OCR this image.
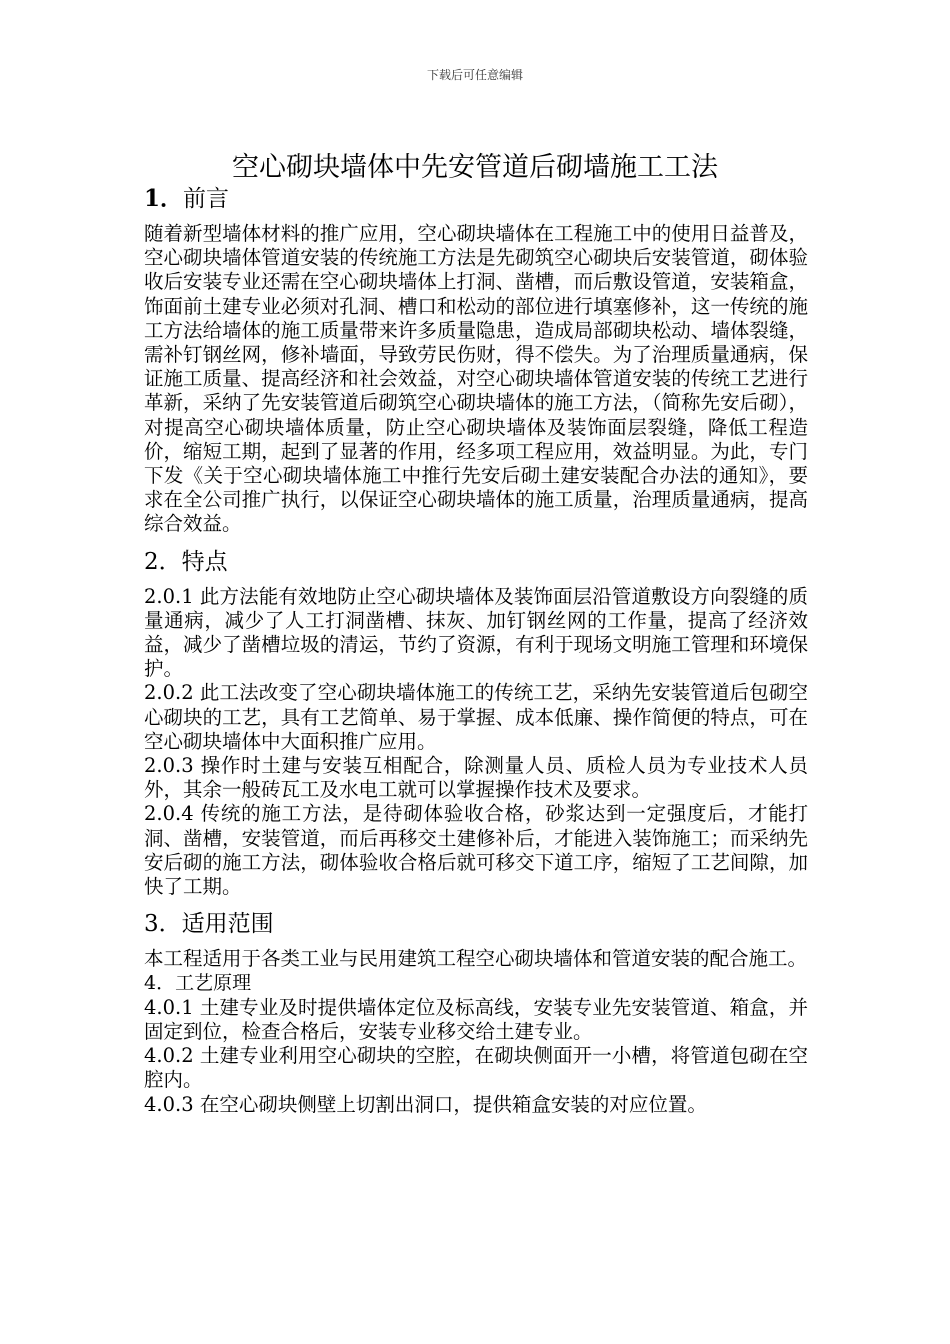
下载后可任意编辑
空心砌块墙体中先安管道后砌墙施工工法
1．前言

随着新型墙体材料的推广应用，空心砌块墙体在工程施工中的使用日益普及，空心砌块墙体管道安装的传统施工方法是先砌筑空心砌块后安装管道，砌体验收后安装专业还需在空心砌块墙体上打洞、凿槽，而后敷设管道，安装箱盒，饰面前土建专业必须对孔洞、槽口和松动的部位进行填塞修补，这一传统的施工方法给墙体的施工质量带来许多质量隐患，造成局部砌块松动、墙体裂缝，需补钉钢丝网，修补墙面，导致劳民伤财，得不偿失。为了治理质量通病，保证施工质量、提高经济和社会效益，对空心砌块墙体管道安装的传统工艺进行革新，采纳了先安装管道后砌筑空心砌块墙体的施工方法，（简称先安后砌），对提高空心砌块墙体质量，防止空心砌块墙体及装饰面层裂缝，降低工程造价，缩短工期，起到了显著的作用，经多项工程应用，效益明显。为此，专门下发《关于空心砌块墙体施工中推行先安后砌土建安装配合办法的通知》，要求在全公司推广执行，以保证空心砌块墙体的施工质量，治理质量通病，提高综合效益。

2．特点

2.0.1 此方法能有效地防止空心砌块墙体及装饰面层沿管道敷设方向裂缝的质量通病，减少了人工打洞凿槽、抹灰、加钉钢丝网的工作量，提高了经济效益，减少了凿槽垃圾的清运，节约了资源，有利于现场文明施工管理和环境保护。

2.0.2 此工法改变了空心砌块墙体施工的传统工艺，采纳先安装管道后包砌空心砌块的工艺，具有工艺简单、易于掌握、成本低廉、操作简便的特点，可在空心砌块墙体中大面积推广应用。

2.0.3 操作时土建与安装互相配合，除测量人员、质检人员为专业技术人员外，其余一般砖瓦工及水电工就可以掌握操作技术及要求。

2.0.4 传统的施工方法，是待砌体验收合格，砂浆达到一定强度后，才能打洞、凿槽，安装管道，而后再移交土建修补后，才能进入装饰施工；而采纳先安后砌的施工方法，砌体验收合格后就可移交下道工序，缩短了工艺间隙，加快了工期。

3．适用范围

本工程适用于各类工业与民用建筑工程空心砌块墙体和管道安装的配合施工。

4．工艺原理

4.0.1 土建专业及时提供墙体定位及标高线，安装专业先安装管道、箱盒，并固定到位，检查合格后，安装专业移交给土建专业。

4.0.2 土建专业利用空心砌块的空腔，在砌块侧面开一小槽，将管道包砌在空腔内。

4.0.3 在空心砌块侧壁上切割出洞口，提供箱盒安装的对应位置。
